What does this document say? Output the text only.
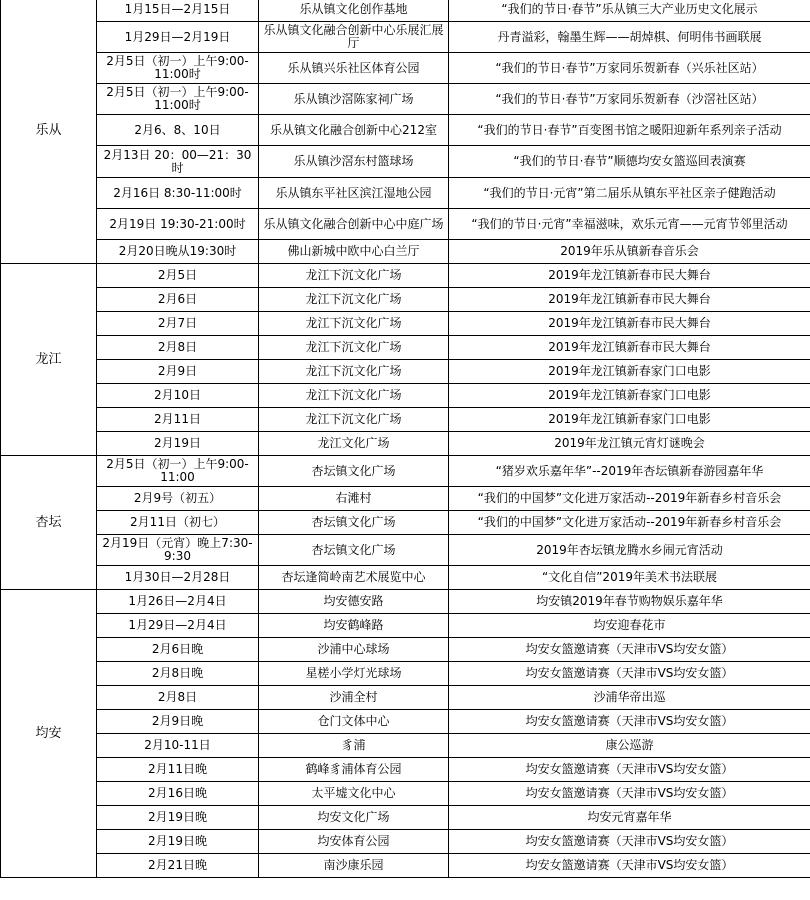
乐从	1月15日—2月15日	乐从镇文化创作基地	“我们的节日·春节”乐从镇三大产业历史文化展示
	1月29日—2月19日	乐从镇文化融合创新中心乐展汇展厅	丹青溢彩，翰墨生辉——胡焯棋、何明伟书画联展
	2月5日（初一）上午9:00-11:00时	乐从镇兴乐社区体育公园	“我们的节日·春节”万家同乐贺新春（兴乐社区站）
	2月5日（初一）上午9:00-11:00时	乐从镇沙滘陈家祠广场	“我们的节日·春节”万家同乐贺新春（沙滘社区站）
	2月6、8、10日	乐从镇文化融合创新中心212室	“我们的节日·春节”百变图书馆之暖阳迎新年系列亲子活动
	2月13日 20：00—21：30时	乐从镇沙滘东村篮球场	“我们的节日·春节”顺德均安女篮巡回表演赛
	2月16日 8:30-11:00时	乐从镇东平社区滨江湿地公园	“我们的节日·元宵”第二届乐从镇东平社区亲子健跑活动
	2月19日 19:30-21:00时	乐从镇文化融合创新中心中庭广场	“我们的节日·元宵”幸福滋味，欢乐元宵——元宵节邻里活动
	2月20日晚从19:30时	佛山新城中欧中心白兰厅	2019年乐从镇新春音乐会
龙江	2月5日	龙江下沉文化广场	2019年龙江镇新春市民大舞台
	2月6日	龙江下沉文化广场	2019年龙江镇新春市民大舞台
	2月7日	龙江下沉文化广场	2019年龙江镇新春市民大舞台
	2月8日	龙江下沉文化广场	2019年龙江镇新春市民大舞台
	2月9日	龙江下沉文化广场	2019年龙江镇新春家门口电影
	2月10日	龙江下沉文化广场	2019年龙江镇新春家门口电影
	2月11日	龙江下沉文化广场	2019年龙江镇新春家门口电影
	2月19日	龙江文化广场	2019年龙江镇元宵灯谜晚会
杏坛	2月5日（初一）上午9:00-11:00	杏坛镇文化广场	“猪岁欢乐嘉年华”--2019年杏坛镇新春游园嘉年华
	2月9号（初五）	右滩村	“我们的中国梦”文化进万家活动--2019年新春乡村音乐会
	2月11日（初七）	杏坛镇文化广场	“我们的中国梦”文化进万家活动--2019年新春乡村音乐会
	2月19日（元宵）晚上7:30-9:30	杏坛镇文化广场	2019年杏坛镇龙腾水乡闹元宵活动
	1月30日—2月28日	杏坛逢简岭南艺术展览中心	“文化自信”2019年美术书法联展
均安	1月26日—2月4日	均安德安路	均安镇2019年春节购物娱乐嘉年华
	1月29日—2月4日	均安鹤峰路	均安迎春花市
	2月6日晚	沙浦中心球场	均安女篮邀请赛（天津市VS均安女篮）
	2月8日晚	星槎小学灯光球场	均安女篮邀请赛（天津市VS均安女篮）
	2月8日	沙浦全村	沙浦华帝出巡
	2月9日晚	仓门文体中心	均安女篮邀请赛（天津市VS均安女篮）
	2月10-11日	豸浦	康公巡游
	2月11日晚	鹤峰豸浦体育公园	均安女篮邀请赛（天津市VS均安女篮）
	2月16日晚	太平墟文化中心	均安女篮邀请赛（天津市VS均安女篮）
	2月19日晚	均安文化广场	均安元宵嘉年华
	2月19日晚	均安体育公园	均安女篮邀请赛（天津市VS均安女篮）
	2月21日晚	南沙康乐园	均安女篮邀请赛（天津市VS均安女篮）
